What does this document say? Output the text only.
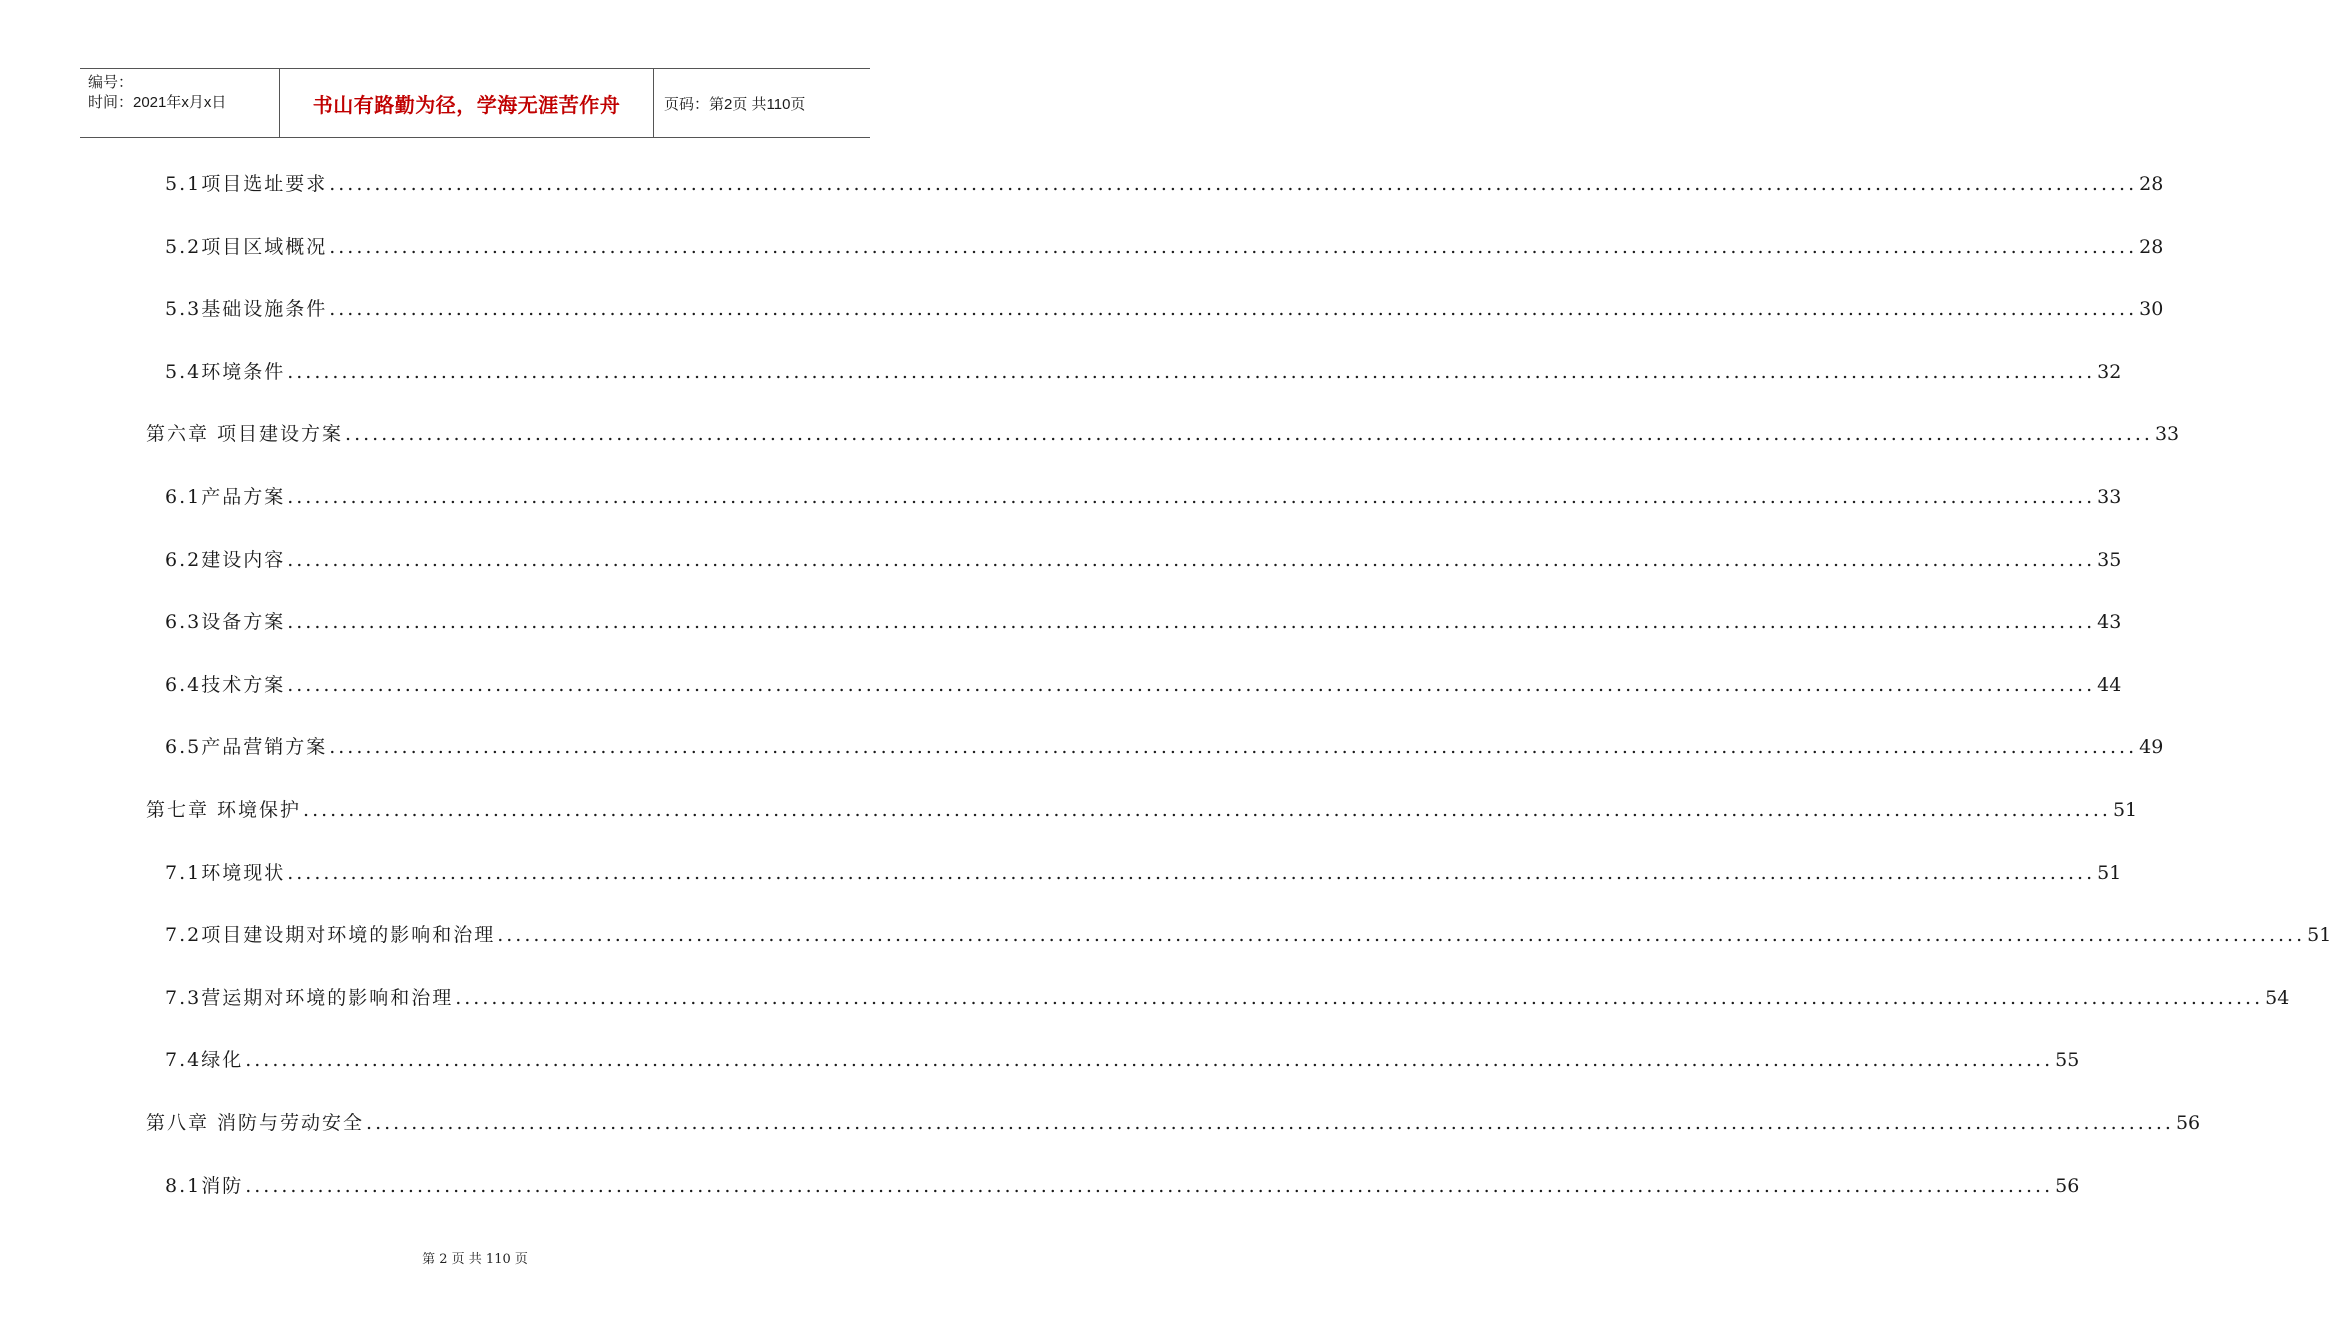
编号：
时间：2021年x月x日	书山有路勤为径，学海无涯苦作舟	页码：第2页 共110页
5.1项目选址要求 ........................................................................................................................................................................................................ 28
5.2项目区域概况 ........................................................................................................................................................................................................ 28
5.3基础设施条件 ........................................................................................................................................................................................................ 30
5.4环境条件 ........................................................................................................................................................................................................ 32
第六章 项目建设方案 ........................................................................................................................................................................................................ 33
6.1产品方案 ........................................................................................................................................................................................................ 33
6.2建设内容 ........................................................................................................................................................................................................ 35
6.3设备方案 ........................................................................................................................................................................................................ 43
6.4技术方案 ........................................................................................................................................................................................................ 44
6.5产品营销方案 ........................................................................................................................................................................................................ 49
第七章 环境保护 ........................................................................................................................................................................................................ 51
7.1环境现状 ........................................................................................................................................................................................................ 51
7.2项目建设期对环境的影响和治理 ........................................................................................................................................................................................................ 51
7.3营运期对环境的影响和治理 ........................................................................................................................................................................................................ 54
7.4绿化 ........................................................................................................................................................................................................ 55
第八章 消防与劳动安全 ........................................................................................................................................................................................................ 56
8.1消防 ........................................................................................................................................................................................................ 56
第 2 页 共 110 页
